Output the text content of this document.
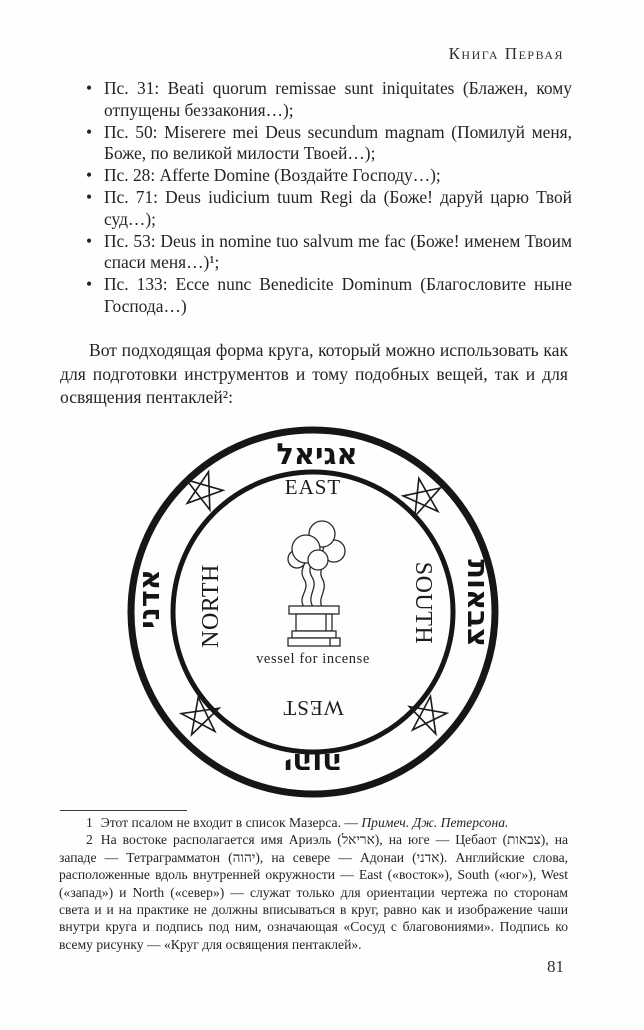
Книга Первая
• Пс. 31: Beati quorum remissae sunt iniquitates (Блажен, кому отпущены беззакония…);
• Пс. 50: Miserere mei Deus secundum magnam (Помилуй меня, Боже, по великой милости Твоей…);
• Пс. 28: Afferte Domine (Воздайте Господу…);
• Пс. 71: Deus iudicium tuum Regi da (Боже! даруй царю Твой суд…);
• Пс. 53: Deus in nomine tuo salvum me fac (Боже! именем Твоим спаси меня…)¹;
• Пс. 133: Ecce nunc Benedicite Dominum (Благословите ныне Господа…)

Вот подходящая форма круга, который можно использовать как для подготовки инструментов и тому подобных вещей, так и для освящения пентаклей²:

אגיאל
אדני	צבאות
יהוה
EAST
NORTH	SOUTH
WEST
vessel for incense

1 Этот псалом не входит в список Мазерса. — Примеч. Дж. Петерсона.

2 На востоке располагается имя Ариэль (אריאל), на юге — Цебаот (צבאות), на западе — Тетраграмматон (יהוה), на севере — Адонаи (אדני). Английские слова, расположенные вдоль внутренней окружности — East («восток»), South («юг»), West («запад») и North («север») — служат только для ориентации чертежа по сторонам света и и на практике не должны вписываться в круг, равно как и изображение чаши внутри круга и подпись под ним, означающая «Сосуд с благовониями». Подпись ко всему рисунку — «Круг для освящения пентаклей».

81
